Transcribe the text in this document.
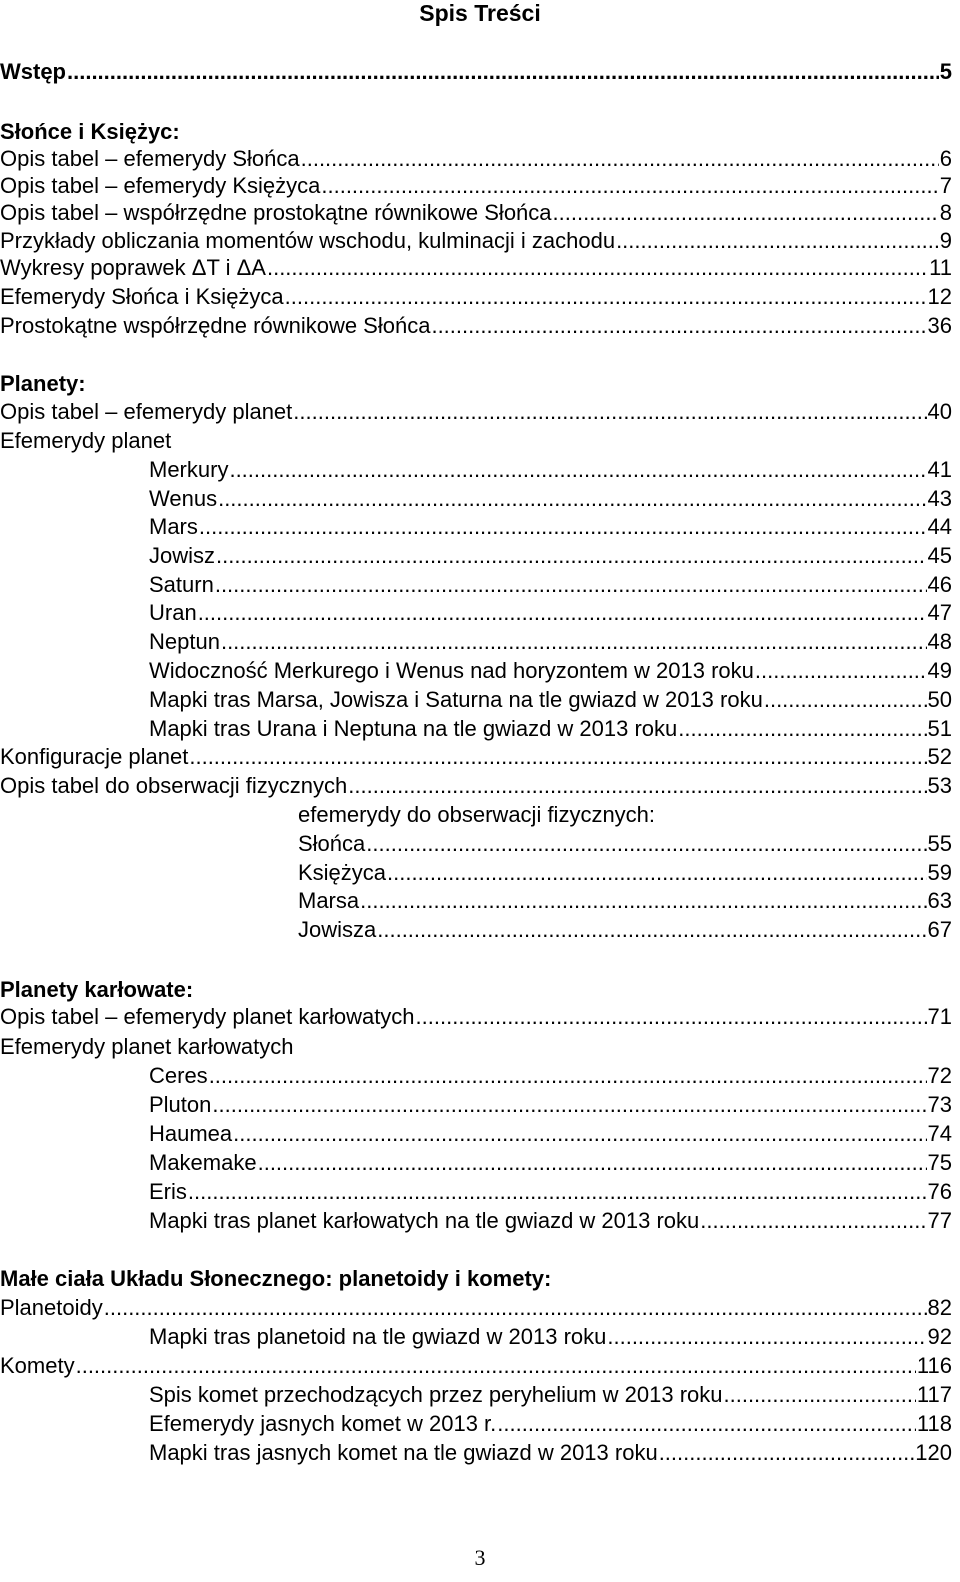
Spis Treści
Wstęp .....	5
Słońce i Księżyc:
Opis tabel – efemerydy Słońca .....	6
Opis tabel – efemerydy Księżyca .....	7
Opis tabel – współrzędne prostokątne równikowe Słońca .....	8
Przykłady obliczania momentów wschodu, kulminacji i zachodu .....	9
Wykresy poprawek ΔT i ΔA .....	11
Efemerydy Słońca i Księżyca .....	12
Prostokątne współrzędne równikowe Słońca .....	36
Planety:
Opis tabel – efemerydy planet .....	40
Efemerydy planet
Merkury .....	41
Wenus .....	43
Mars .....	44
Jowisz .....	45
Saturn .....	46
Uran .....	47
Neptun .....	48
Widoczność Merkurego i Wenus nad horyzontem w 2013 roku .....	49
Mapki tras Marsa, Jowisza i Saturna na tle gwiazd w 2013 roku .....	50
Mapki tras Urana i Neptuna na tle gwiazd w 2013 roku .....	51
Konfiguracje planet .....	52
Opis tabel do obserwacji fizycznych .....	53
efemerydy do obserwacji fizycznych:
Słońca .....	55
Księżyca .....	59
Marsa .....	63
Jowisza .....	67
Planety karłowate:
Opis tabel – efemerydy planet karłowatych .....	71
Efemerydy planet karłowatych
Ceres .....	72
Pluton .....	73
Haumea .....	74
Makemake .....	75
Eris .....	76
Mapki tras planet karłowatych na tle gwiazd w 2013 roku .....	77
Małe ciała Układu Słonecznego: planetoidy i komety:
Planetoidy .....	82
Mapki tras planetoid na tle gwiazd w 2013 roku .....	92
Komety .....	116
Spis komet przechodzących przez peryhelium w 2013 roku .....	117
Efemerydy jasnych komet w 2013 r. .....	118
Mapki tras jasnych komet na tle gwiazd w 2013 roku .....	120
3
